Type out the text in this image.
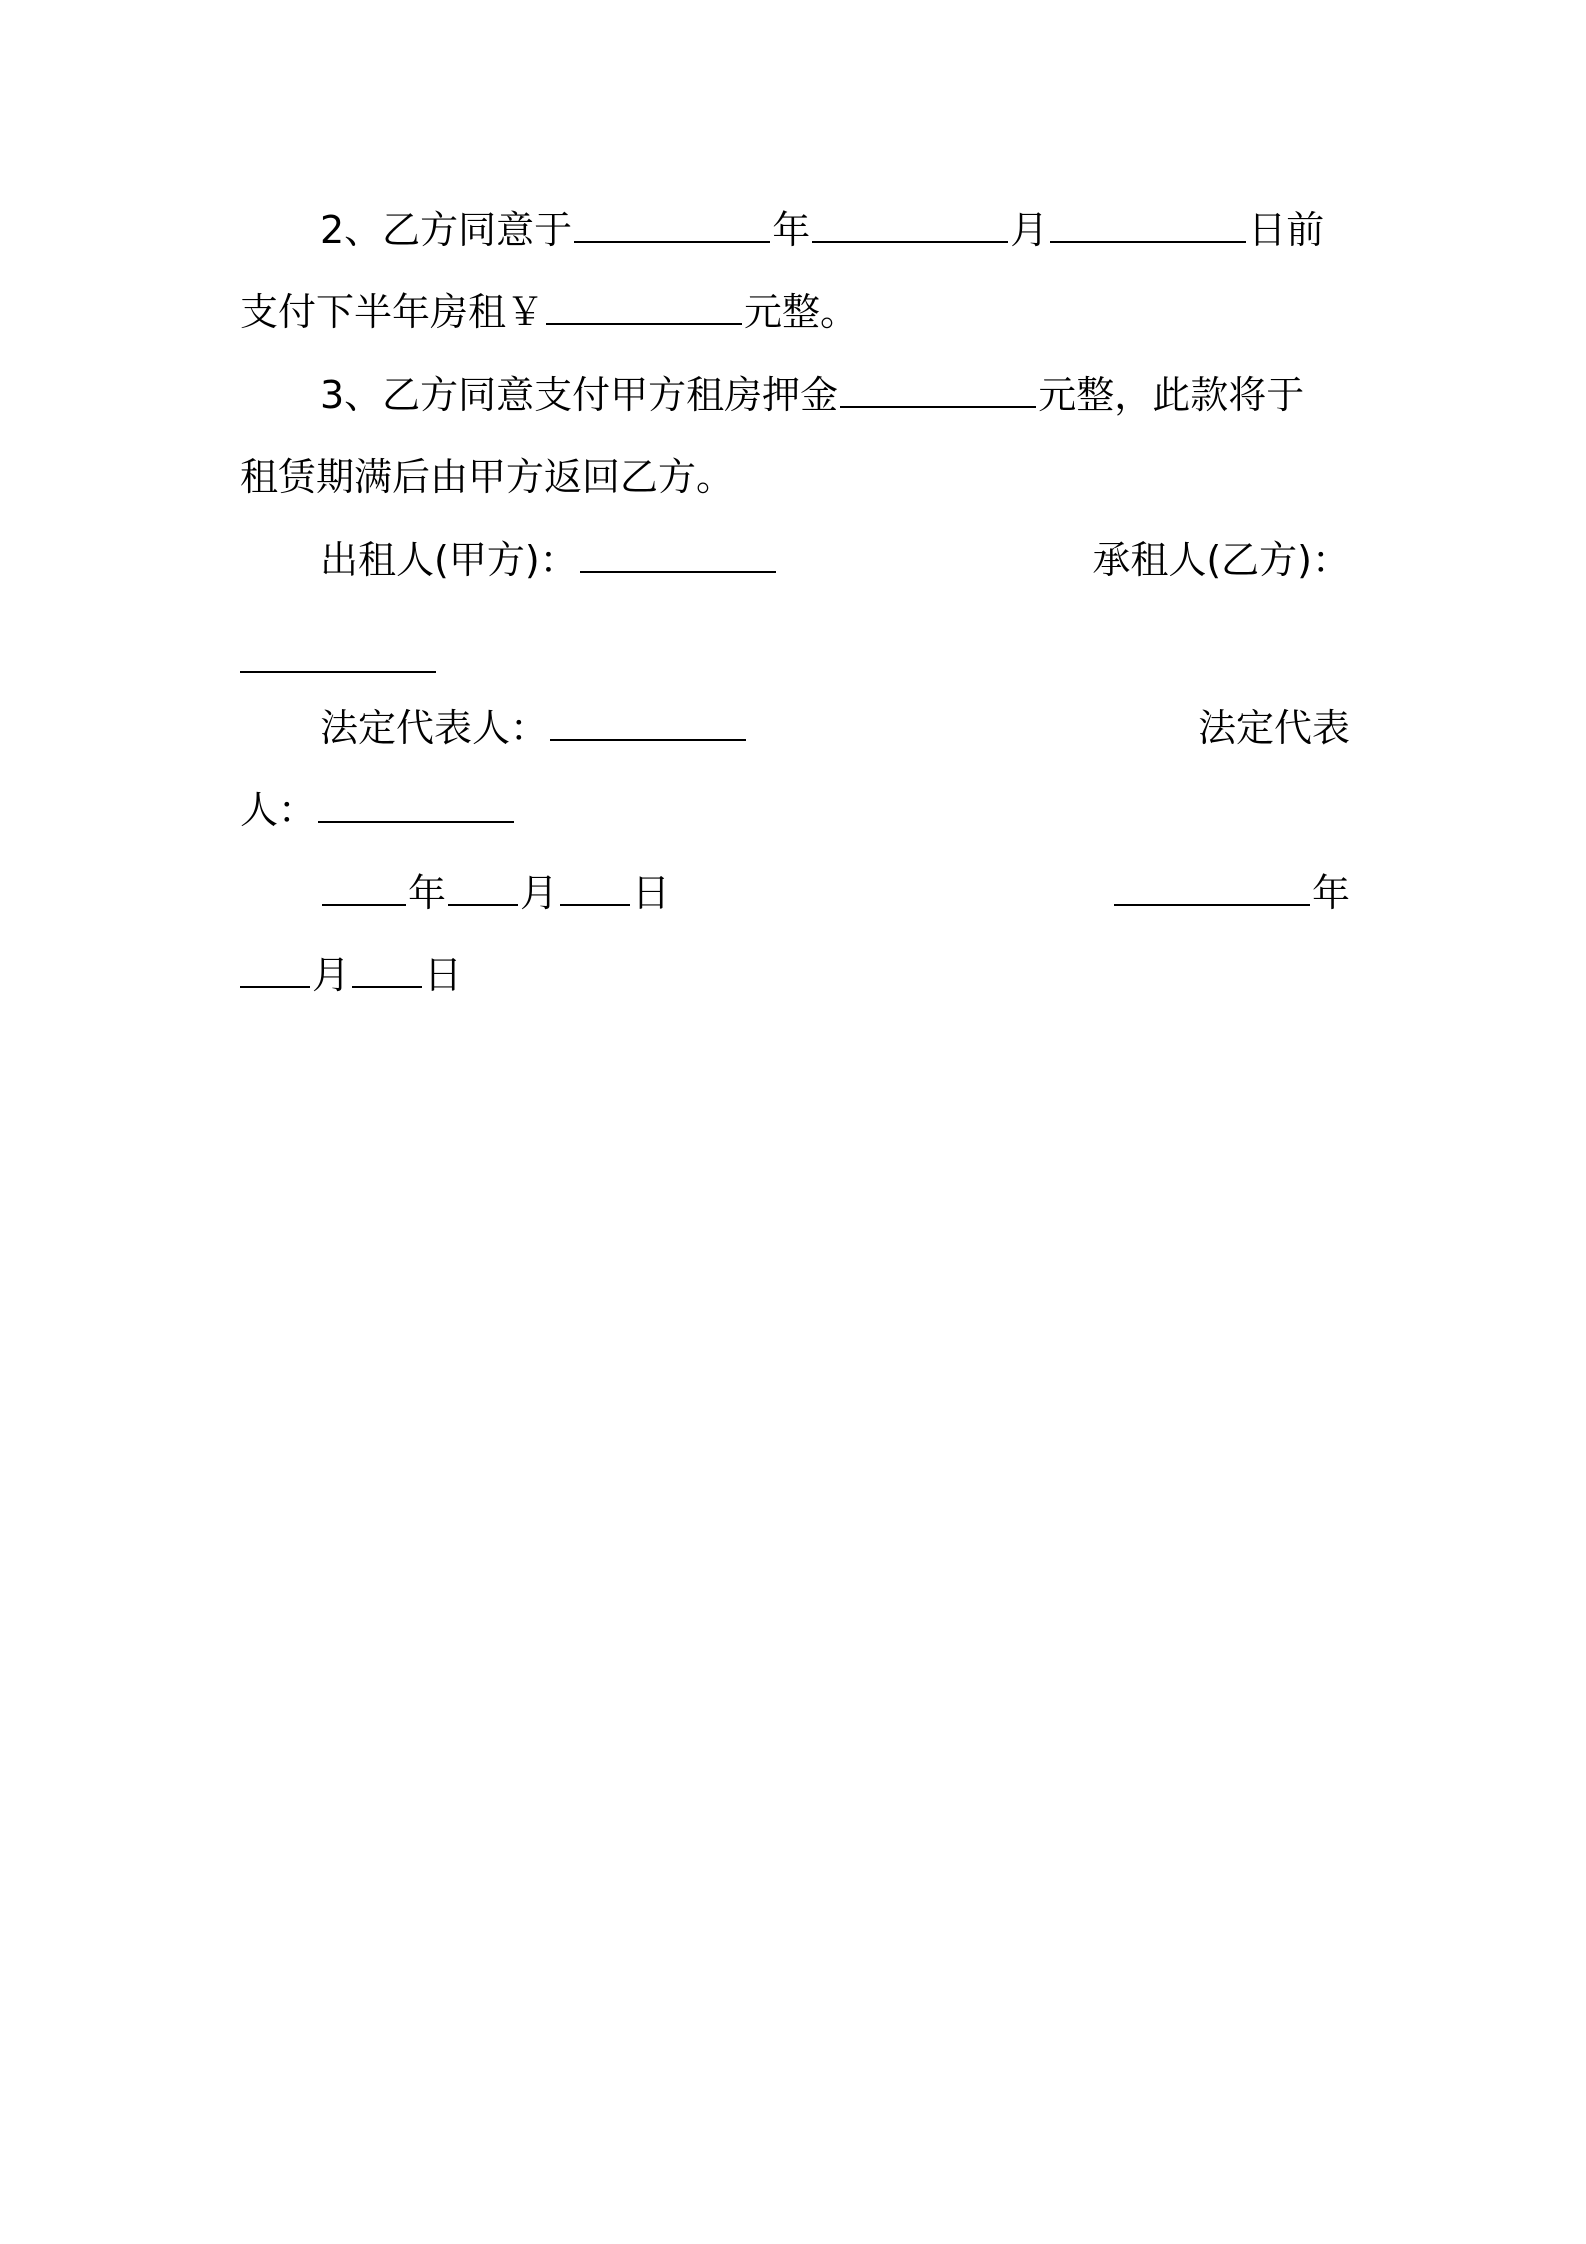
2、乙方同意于	年	月	日前
支付下半年房租￥	元整。
3、乙方同意支付甲方租房押金	元整，此款将于
租赁期满后由甲方返回乙方。
出租人(甲方)：	承租人(乙方)：
法定代表人：	法定代表
人：
年 月 日	年
月 日
